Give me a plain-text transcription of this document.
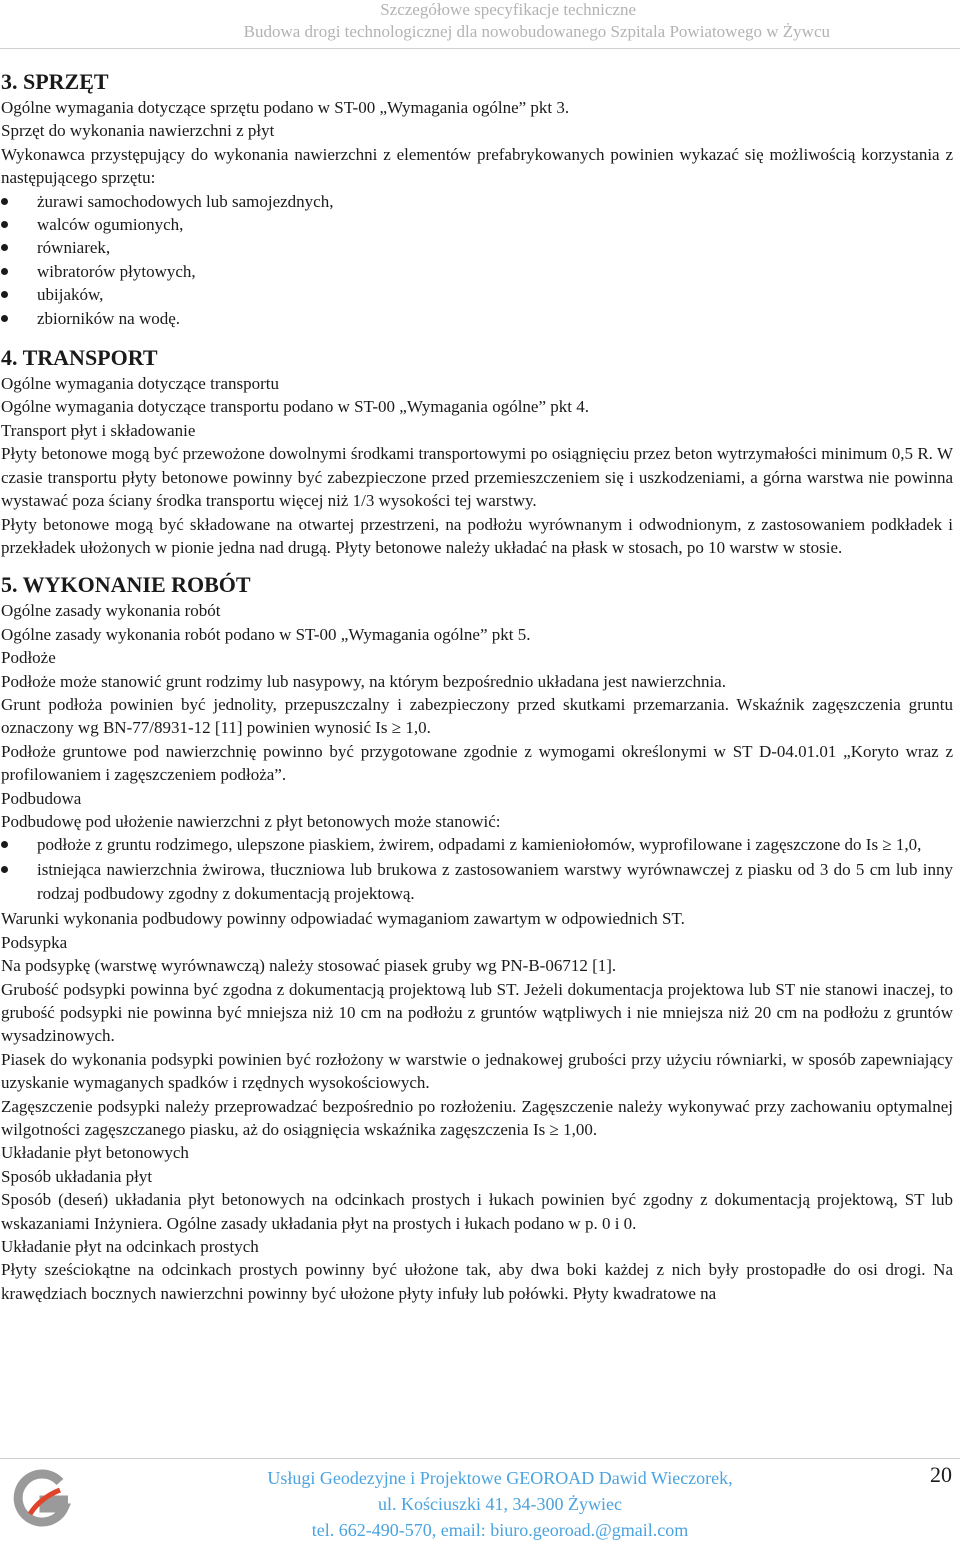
Szczegółowe specyfikacje techniczne
Budowa drogi technologicznej dla nowobudowanego Szpitala Powiatowego w Żywcu
3. SPRZĘT

Ogólne wymagania dotyczące sprzętu podano w ST-00 „Wymagania ogólne” pkt 3.

Sprzęt do wykonania nawierzchni z płyt

Wykonawca przystępujący do wykonania nawierzchni z elementów prefabrykowanych powinien wykazać się możliwością korzystania z następującego sprzętu:

żurawi samochodowych lub samojezdnych,
walców ogumionych,
równiarek,
wibratorów płytowych,
ubijaków,
zbiorników na wodę.
4. TRANSPORT

Ogólne wymagania dotyczące transportu

Ogólne wymagania dotyczące transportu podano w ST-00 „Wymagania ogólne” pkt 4.

Transport płyt i składowanie

Płyty betonowe mogą być przewożone dowolnymi środkami transportowymi po osiągnięciu przez beton wytrzymałości minimum 0,5 R. W czasie transportu płyty betonowe powinny być zabezpieczone przed przemieszczeniem się i uszkodzeniami, a górna warstwa nie powinna wystawać poza ściany środka transportu więcej niż 1/3 wysokości tej warstwy.

Płyty betonowe mogą być składowane na otwartej przestrzeni, na podłożu wyrównanym i odwodnionym, z zastosowaniem podkładek i przekładek ułożonych w pionie jedna nad drugą. Płyty betonowe należy układać na płask w stosach, po 10 warstw w stosie.

5. WYKONANIE ROBÓT

Ogólne zasady wykonania robót

Ogólne zasady wykonania robót podano w ST-00 „Wymagania ogólne” pkt 5.

Podłoże

Podłoże może stanowić grunt rodzimy lub nasypowy, na którym bezpośrednio układana jest nawierzchnia.

Grunt podłoża powinien być jednolity, przepuszczalny i zabezpieczony przed skutkami przemarzania. Wskaźnik zagęszczenia gruntu oznaczony wg BN-77/8931-12 [11] powinien wynosić Is ≥ 1,0.

Podłoże gruntowe pod nawierzchnię powinno być przygotowane zgodnie z wymogami określonymi w ST D-04.01.01 „Koryto wraz z profilowaniem i zagęszczeniem podłoża”.

Podbudowa

Podbudowę pod ułożenie nawierzchni z płyt betonowych może stanowić:

podłoże z gruntu rodzimego, ulepszone piaskiem, żwirem, odpadami z kamieniołomów, wyprofilowane i zagęszczone do Is ≥ 1,0,
istniejąca nawierzchnia żwirowa, tłuczniowa lub brukowa z zastosowaniem warstwy wyrównawczej z piasku od 3 do 5 cm lub inny rodzaj podbudowy zgodny z dokumentacją projektową.

Warunki wykonania podbudowy powinny odpowiadać wymaganiom zawartym w odpowiednich ST.

Podsypka

Na podsypkę (warstwę wyrównawczą) należy stosować piasek gruby wg PN-B-06712 [1].

Grubość podsypki powinna być zgodna z dokumentacją projektową lub ST. Jeżeli dokumentacja projektowa lub ST nie stanowi inaczej, to grubość podsypki nie powinna być mniejsza niż 10 cm na podłożu z gruntów wątpliwych i nie mniejsza niż 20 cm na podłożu z gruntów wysadzinowych.

Piasek do wykonania podsypki powinien być rozłożony w warstwie o jednakowej grubości przy użyciu równiarki, w sposób zapewniający uzyskanie wymaganych spadków i rzędnych wysokościowych.

Zagęszczenie podsypki należy przeprowadzać bezpośrednio po rozłożeniu. Zagęszczenie należy wykonywać przy zachowaniu optymalnej wilgotności zagęszczanego piasku, aż do osiągnięcia wskaźnika zagęszczenia Is ≥ 1,00.

Układanie płyt betonowych

Sposób układania płyt

Sposób (deseń) układania płyt betonowych na odcinkach prostych i łukach powinien być zgodny z dokumentacją projektową, ST lub wskazaniami Inżyniera. Ogólne zasady układania płyt na prostych i łukach podano w p. 0 i 0.

Układanie płyt na odcinkach prostych

Płyty sześciokątne na odcinkach prostych powinny być ułożone tak, aby dwa boki każdej z nich były prostopadłe do osi drogi. Na krawędziach bocznych nawierzchni powinny być ułożone płyty infuły lub połówki. Płyty kwadratowe na

Usługi Geodezyjne i Projektowe GEOROAD Dawid Wieczorek,
ul. Kościuszki 41, 34-300 Żywiec
tel. 662-490-570, email: biuro.georoad.@gmail.com
20
